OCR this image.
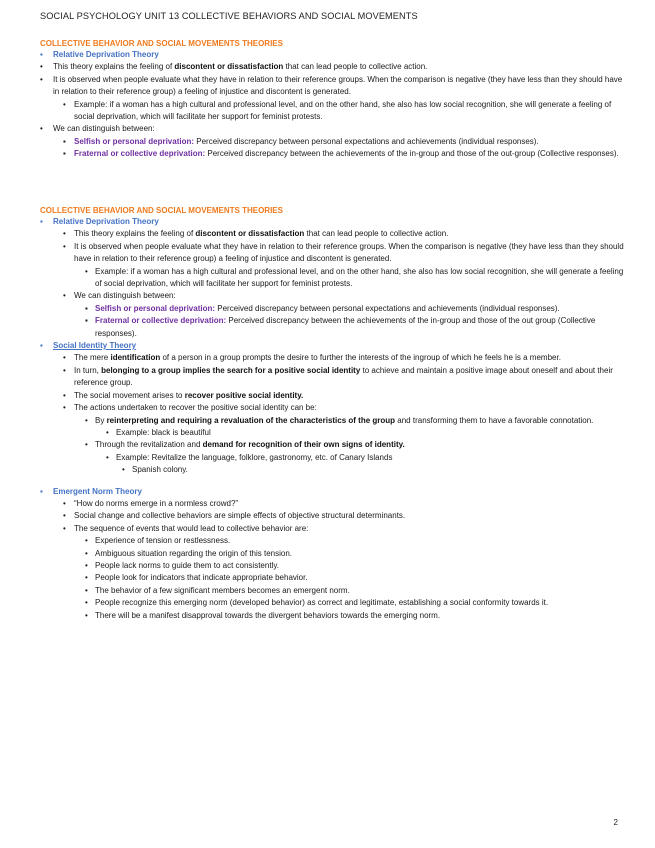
SOCIAL PSYCHOLOGY UNIT 13 COLLECTIVE BEHAVIORS AND SOCIAL MOVEMENTS

COLLECTIVE BEHAVIOR AND SOCIAL MOVEMENTS THEORIES

▪
Relative Deprivation Theory
•
This theory explains the feeling of discontent or dissatisfaction that can lead people to collective action.
•
It is observed when people evaluate what they have in relation to their reference groups. When the comparison is negative (they have less than they should have in relation to their reference group) a feeling of injustice and discontent is generated.
•
Example: if a woman has a high cultural and professional level, and on the other hand, she also has low social recognition, she will generate a feeling of social deprivation, which will facilitate her support for feminist protests.
•
We can distinguish between:
▪
Selfish or personal deprivation: Perceived discrepancy between personal expectations and achievements (individual responses).
▪
Fraternal or collective deprivation: Perceived discrepancy between the achievements of the in-group and those of the out-group (Collective responses).

COLLECTIVE BEHAVIOR AND SOCIAL MOVEMENTS THEORIES

▪
Relative Deprivation Theory
•
This theory explains the feeling of discontent or dissatisfaction that can lead people to collective action.
•
It is observed when people evaluate what they have in relation to their reference groups. When the comparison is negative (they have less than they should have in relation to their reference group) a feeling of injustice and discontent is generated.
•
Example: if a woman has a high cultural and professional level, and on the other hand, she also has low social recognition, she will generate a feeling of social deprivation, which will facilitate her support for feminist protests.
•
We can distinguish between:
▪
Selfish or personal deprivation: Perceived discrepancy between personal expectations and achievements (individual responses).
▪
Fraternal or collective deprivation: Perceived discrepancy between the achievements of the in-group and those of the out group (Collective responses).
▪
Social Identity Theory
•
The mere identification of a person in a group prompts the desire to further the interests of the ingroup of which he feels he is a member.
•
In turn, belonging to a group implies the search for a positive social identity to achieve and maintain a positive image about oneself and about their reference group.
•
The social movement arises to recover positive social identity.
•
The actions undertaken to recover the positive social identity can be:
•
By reinterpreting and requiring a revaluation of the characteristics of the group and transforming them to have a favorable connotation.
•
Example: black is beautiful
•
Through the revitalization and demand for recognition of their own signs of identity.
•
Example: Revitalize the language, folklore, gastronomy, etc. of Canary Islands
•
Spanish colony.
▪
Emergent Norm Theory
•
“How do norms emerge in a normless crowd?”
•
Social change and collective behaviors are simple effects of objective structural determinants.
•
The sequence of events that would lead to collective behavior are:
•
Experience of tension or restlessness.
•
Ambiguous situation regarding the origin of this tension.
•
People lack norms to guide them to act consistently.
•
People look for indicators that indicate appropriate behavior.
•
The behavior of a few significant members becomes an emergent norm.
•
People recognize this emerging norm (developed behavior) as correct and legitimate, establishing a social conformity towards it.
•
There will be a manifest disapproval towards the divergent behaviors towards the emerging norm.
2
